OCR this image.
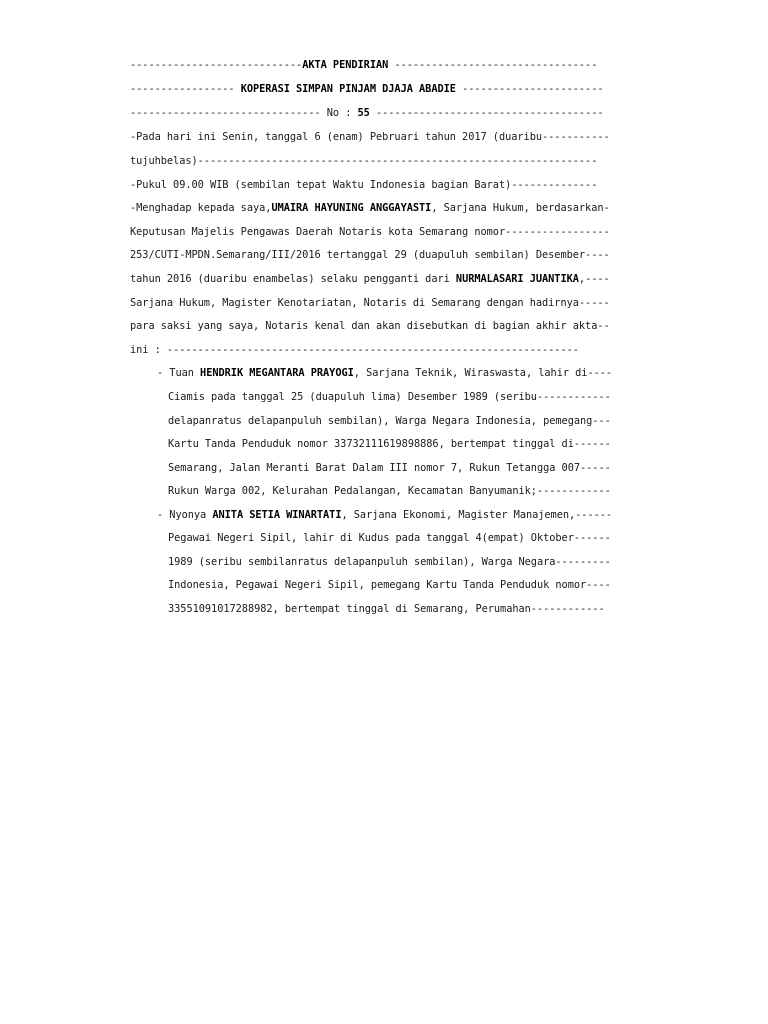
----------------------------AKTA PENDIRIAN ---------------------------------
----------------- KOPERASI SIMPAN PINJAM DJAJA ABADIE -----------------------
------------------------------- No : 55 -------------------------------------
-Pada hari ini Senin, tanggal 6 (enam) Pebruari tahun 2017 (duaribu-----------
tujuhbelas)-----------------------------------------------------------------
-Pukul 09.00 WIB (sembilan tepat Waktu Indonesia bagian Barat)--------------
-Menghadap kepada saya,UMAIRA HAYUNING ANGGAYASTI, Sarjana Hukum, berdasarkan-
Keputusan Majelis Pengawas Daerah Notaris kota Semarang nomor-----------------
253/CUTI-MPDN.Semarang/III/2016 tertanggal 29 (duapuluh sembilan) Desember----
tahun 2016 (duaribu enambelas) selaku pengganti dari NURMALASARI JUANTIKA,----
Sarjana Hukum, Magister Kenotariatan, Notaris di Semarang dengan hadirnya-----
para saksi yang saya, Notaris kenal dan akan disebutkan di bagian akhir akta--
ini : -------------------------------------------------------------------
- Tuan HENDRIK MEGANTARA PRAYOGI, Sarjana Teknik, Wiraswasta, lahir di----
Ciamis pada tanggal 25 (duapuluh lima) Desember 1989 (seribu------------
delapanratus delapanpuluh sembilan), Warga Negara Indonesia, pemegang---
Kartu Tanda Penduduk nomor 3373211161989888​6, bertempat tinggal di------
Semarang, Jalan Meranti Barat Dalam III nomor 7, Rukun Tetangga 007-----
Rukun Warga 002, Kelurahan Pedalangan, Kecamatan Banyumanik;------------
- Nyonya ANITA SETIA WINARTATI, Sarjana Ekonomi, Magister Manajemen,------
Pegawai Negeri Sipil, lahir di Kudus pada tanggal 4(empat) Oktober------
1989 (seribu sembilanratus delapanpuluh sembilan), Warga Negara---------
Indonesia, Pegawai Negeri Sipil, pemegang Kartu Tanda Penduduk nomor----
33551091017288982, bertempat tinggal di Semarang, Perumahan------------
